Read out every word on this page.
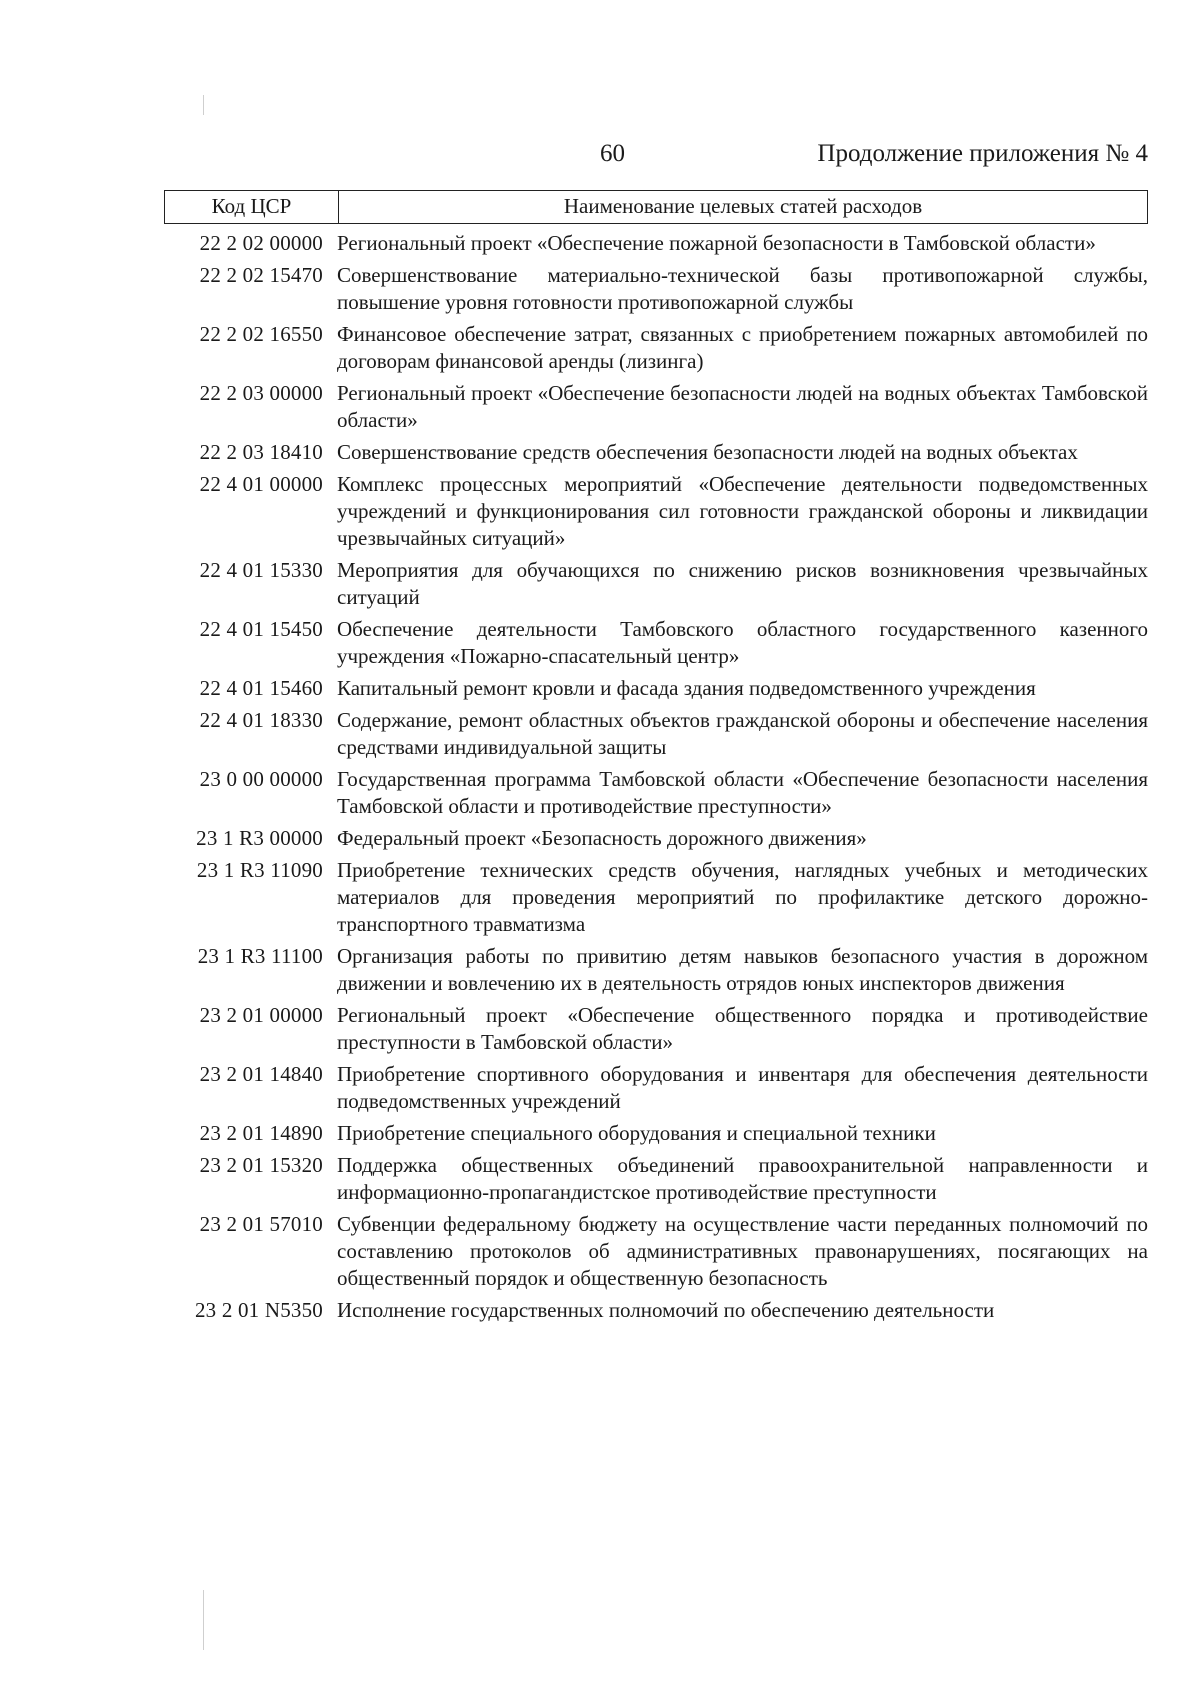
60	Продолжение приложения № 4
Код ЦСР	Наименование целевых статей расходов
22 2 02 00000 Региональный проект «Обеспечение пожарной безопасности в Тамбовской области»
22 2 02 15470 Совершенствование материально-технической базы противопожарной службы, повышение уровня готовности противопожарной службы
22 2 02 16550 Финансовое обеспечение затрат, связанных с приобретением пожарных автомобилей по договорам финансовой аренды (лизинга)
22 2 03 00000 Региональный проект «Обеспечение безопасности людей на водных объектах Тамбовской области»
22 2 03 18410 Совершенствование средств обеспечения безопасности людей на водных объектах
22 4 01 00000 Комплекс процессных мероприятий «Обеспечение деятельности подведомственных учреждений и функционирования сил готовности гражданской обороны и ликвидации чрезвычайных ситуаций»
22 4 01 15330 Мероприятия для обучающихся по снижению рисков возникновения чрезвычайных ситуаций
22 4 01 15450 Обеспечение деятельности Тамбовского областного государственного казенного учреждения «Пожарно-спасательный центр»
22 4 01 15460 Капитальный ремонт кровли и фасада здания подведомственного учреждения
22 4 01 18330 Содержание, ремонт областных объектов гражданской обороны и обеспечение населения средствами индивидуальной защиты
23 0 00 00000 Государственная программа Тамбовской области «Обеспечение безопасности населения Тамбовской области и противодействие преступности»
23 1 R3 00000 Федеральный проект «Безопасность дорожного движения»
23 1 R3 11090 Приобретение технических средств обучения, наглядных учебных и методических материалов для проведения мероприятий по профилактике детского дорожно-транспортного травматизма
23 1 R3 11100 Организация работы по привитию детям навыков безопасного участия в дорожном движении и вовлечению их в деятельность отрядов юных инспекторов движения
23 2 01 00000 Региональный проект «Обеспечение общественного порядка и противодействие преступности в Тамбовской области»
23 2 01 14840 Приобретение спортивного оборудования и инвентаря для обеспечения деятельности подведомственных учреждений
23 2 01 14890 Приобретение специального оборудования и специальной техники
23 2 01 15320 Поддержка общественных объединений правоохранительной направленности и информационно-пропагандистское противодействие преступности
23 2 01 57010 Субвенции федеральному бюджету на осуществление части переданных полномочий по составлению протоколов об административных правонарушениях, посягающих на общественный порядок и общественную безопасность
23 2 01 N5350 Исполнение государственных полномочий по обеспечению деятельности
